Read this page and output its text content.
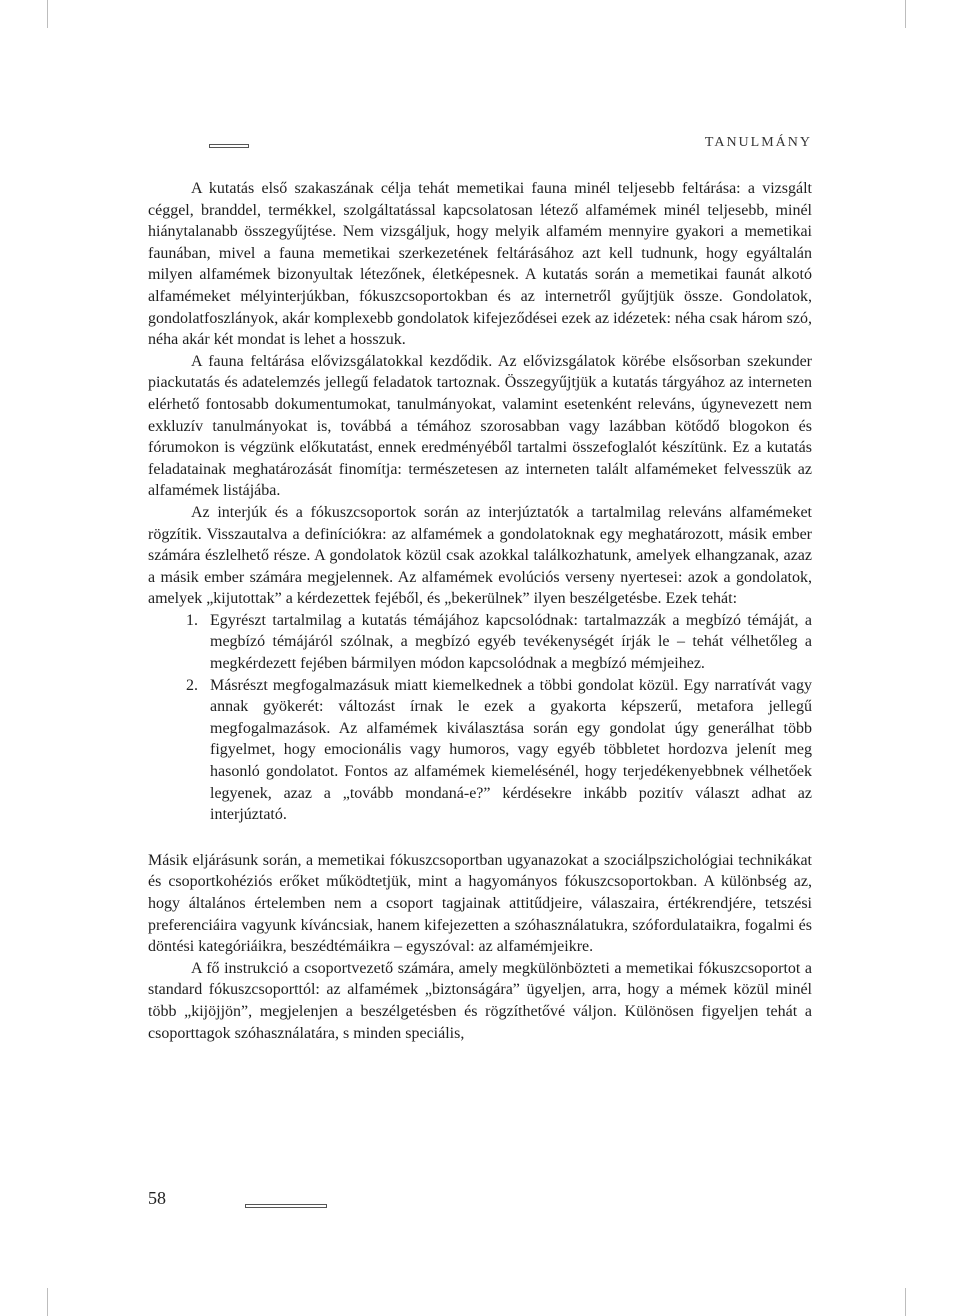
TANULMÁNY

A kutatás első szakaszának célja tehát memetikai fauna minél teljesebb feltárása: a vizsgált céggel, branddel, termékkel, szolgáltatással kapcsolatosan létező alfamémek minél teljesebb, minél hiánytalanabb összegyűjtése. Nem vizsgáljuk, hogy melyik alfamém mennyire gyakori a memetikai faunában, mivel a fauna memetikai szerkezetének feltárásához azt kell tudnunk, hogy egyáltalán milyen alfamémek bizonyultak létezőnek, életképesnek. A kutatás során a memetikai faunát alkotó alfamémeket mélyinterjúkban, fókuszcsoportokban és az internetről gyűjtjük össze. Gondolatok, gondolatfoszlányok, akár komplexebb gondolatok kifejeződései ezek az idézetek: néha csak három szó, néha akár két mondat is lehet a hosszuk.

A fauna feltárása elővizsgálatokkal kezdődik. Az elővizsgálatok körébe elsősorban szekunder piackutatás és adatelemzés jellegű feladatok tartoznak. Összegyűjtjük a kutatás tárgyához az interneten elérhető fontosabb dokumentumokat, tanulmányokat, valamint esetenként releváns, úgynevezett nem exkluzív tanulmányokat is, továbbá a témához szorosabban vagy lazábban kötődő blogokon és fórumokon is végzünk előkutatást, ennek eredményéből tartalmi összefoglalót készítünk. Ez a kutatás feladatainak meghatározását finomítja: természetesen az interneten talált alfamémeket felvesszük az alfamémek listájába.

Az interjúk és a fókuszcsoportok során az interjúztatók a tartalmilag releváns alfamémeket rögzítik. Visszautalva a definíciókra: az alfamémek a gondolatoknak egy meghatározott, másik ember számára észlelhető része. A gondolatok közül csak azokkal találkozhatunk, amelyek elhangzanak, azaz a másik ember számára megjelennek. Az alfamémek evolúciós verseny nyertesei: azok a gondolatok, amelyek „kijutottak” a kérdezettek fejéből, és „bekerülnek” ilyen beszélgetésbe. Ezek tehát:

1. Egyrészt tartalmilag a kutatás témájához kapcsolódnak: tartalmazzák a megbízó témáját, a megbízó témájáról szólnak, a megbízó egyéb tevékenységét írják le – tehát vélhetőleg a megkérdezett fejében bármilyen módon kapcsolódnak a megbízó mémjeihez.
2. Másrészt megfogalmazásuk miatt kiemelkednek a többi gondolat közül. Egy narratívát vagy annak gyökerét: változást írnak le ezek a gyakorta képszerű, metafora jellegű megfogalmazások. Az alfamémek kiválasztása során egy gondolat úgy generálhat több figyelmet, hogy emocionális vagy humoros, vagy egyéb többletet hordozva jelenít meg hasonló gondolatot. Fontos az alfamémek kiemelésénél, hogy terjedékenyebbnek vélhetőek legyenek, azaz a „tovább mondaná-e?” kérdésekre inkább pozitív választ adhat az interjúztató.

Másik eljárásunk során, a memetikai fókuszcsoportban ugyanazokat a szociálpszichológiai technikákat és csoportkohéziós erőket működtetjük, mint a hagyományos fókuszcsoportokban. A különbség az, hogy általános értelemben nem a csoport tagjainak attitűdjeire, válaszaira, értékrendjére, tetszési preferenciáira vagyunk kíváncsiak, hanem kifejezetten a szóhasználatukra, szófordulataikra, fogalmi és döntési kategóriáikra, beszédtémáikra – egyszóval: az alfamémjeikre.

A fő instrukció a csoportvezető számára, amely megkülönbözteti a memetikai fókuszcsoportot a standard fókuszcsoporttól: az alfamémek „biztonságára” ügyeljen, arra, hogy a mémek közül minél több „kijöjjön”, megjelenjen a beszélgetésben és rögzíthetővé váljon. Különösen figyeljen tehát a csoporttagok szóhasználatára, s minden speciális,

58
